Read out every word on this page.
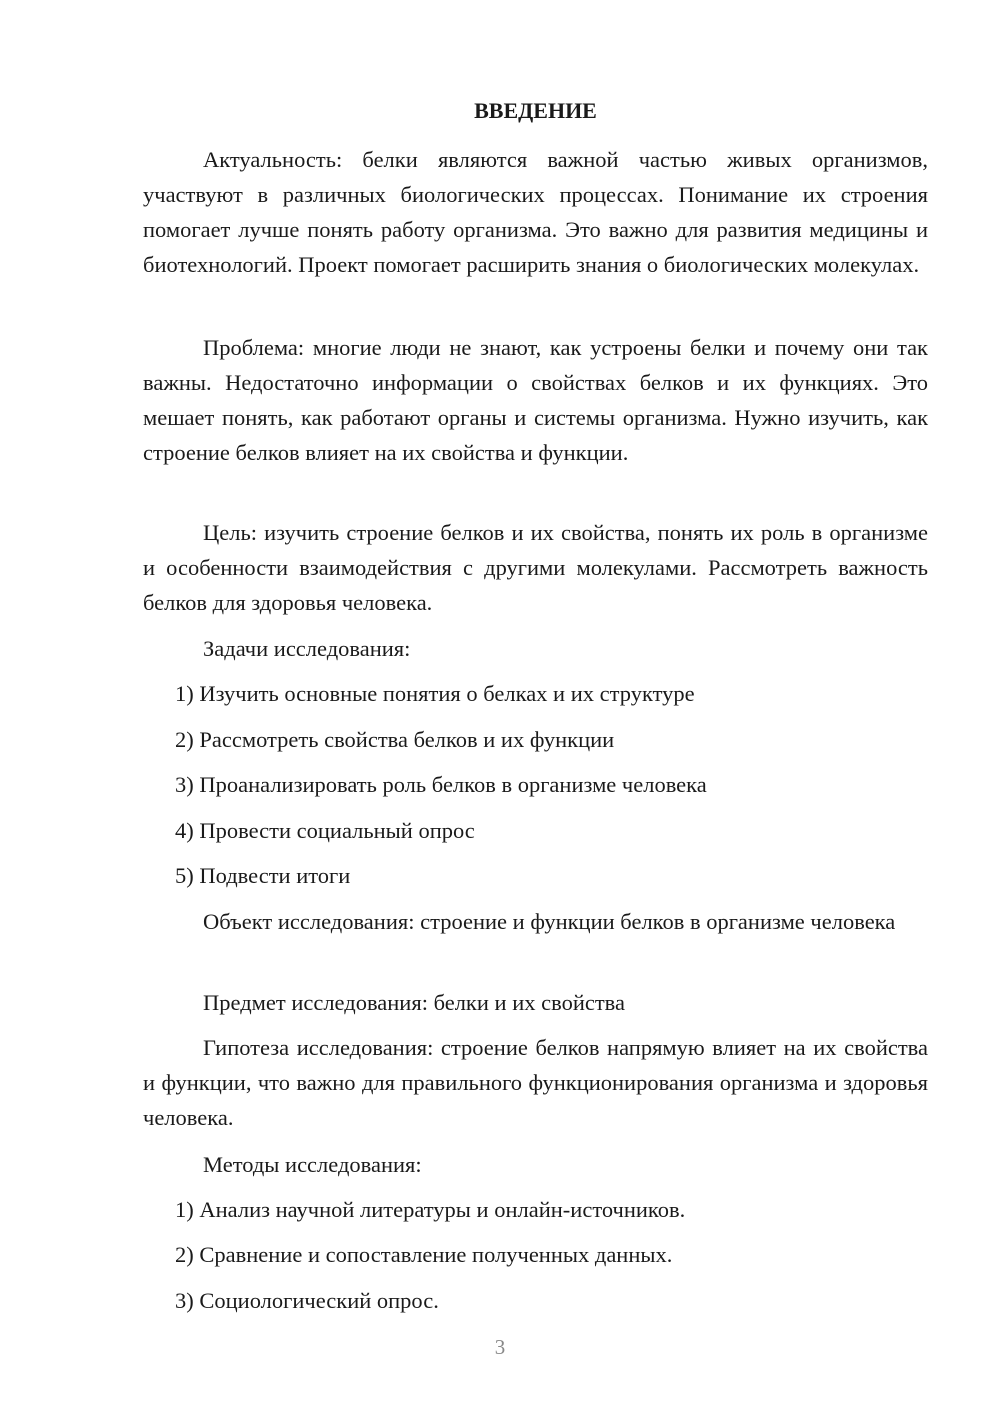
ВВЕДЕНИЕ

Актуальность: белки являются важной частью живых организмов, участвуют в различных биологических процессах. Понимание их строения помогает лучше понять работу организма. Это важно для развития медицины и биотехнологий. Проект помогает расширить знания о биологических молекулах.

Проблема: многие люди не знают, как устроены белки и почему они так важны. Недостаточно информации о свойствах белков и их функциях. Это мешает понять, как работают органы и системы организма. Нужно изучить, как строение белков влияет на их свойства и функции.

Цель: изучить строение белков и их свойства, понять их роль в организме и особенности взаимодействия с другими молекулами. Рассмотреть важность белков для здоровья человека.

Задачи исследования:

1) Изучить основные понятия о белках и их структуре

2) Рассмотреть свойства белков и их функции

3) Проанализировать роль белков в организме человека

4) Провести социальный опрос

5) Подвести итоги

Объект исследования: строение и функции белков в организме человека

Предмет исследования: белки и их свойства

Гипотеза исследования: строение белков напрямую влияет на их свойства и функции, что важно для правильного функционирования организма и здоровья человека.

Методы исследования:

1) Анализ научной литературы и онлайн-источников.

2) Сравнение и сопоставление полученных данных.

3) Социологический опрос.

3
